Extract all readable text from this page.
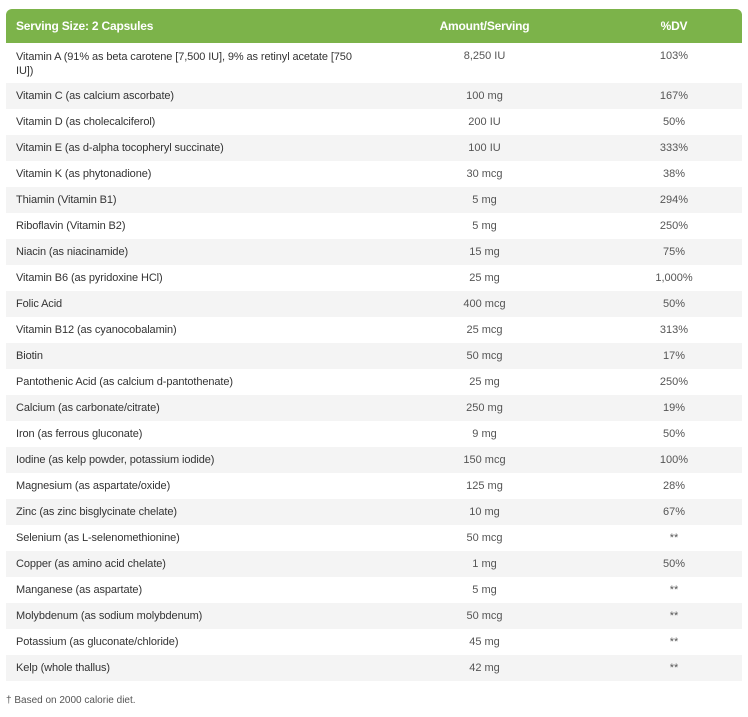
Serving Size: 2 Capsules	Amount/Serving	%DV
Vitamin A (91% as beta carotene [7,500 IU], 9% as retinyl acetate [750 IU])	8,250 IU	103%
Vitamin C (as calcium ascorbate)	100 mg	167%
Vitamin D (as cholecalciferol)	200 IU	50%
Vitamin E (as d-alpha tocopheryl succinate)	100 IU	333%
Vitamin K (as phytonadione)	30 mcg	38%
Thiamin (Vitamin B1)	5 mg	294%
Riboflavin (Vitamin B2)	5 mg	250%
Niacin (as niacinamide)	15 mg	75%
Vitamin B6 (as pyridoxine HCl)	25 mg	1,000%
Folic Acid	400 mcg	50%
Vitamin B12 (as cyanocobalamin)	25 mcg	313%
Biotin	50 mcg	17%
Pantothenic Acid (as calcium d-pantothenate)	25 mg	250%
Calcium (as carbonate/citrate)	250 mg	19%
Iron (as ferrous gluconate)	9 mg	50%
Iodine (as kelp powder, potassium iodide)	150 mcg	100%
Magnesium (as aspartate/oxide)	125 mg	28%
Zinc (as zinc bisglycinate chelate)	10 mg	67%
Selenium (as L-selenomethionine)	50 mcg	**
Copper (as amino acid chelate)	1 mg	50%
Manganese (as aspartate)	5 mg	**
Molybdenum (as sodium molybdenum)	50 mcg	**
Potassium (as gluconate/chloride)	45 mg	**
Kelp (whole thallus)	42 mg	**
† Based on 2000 calorie diet.
